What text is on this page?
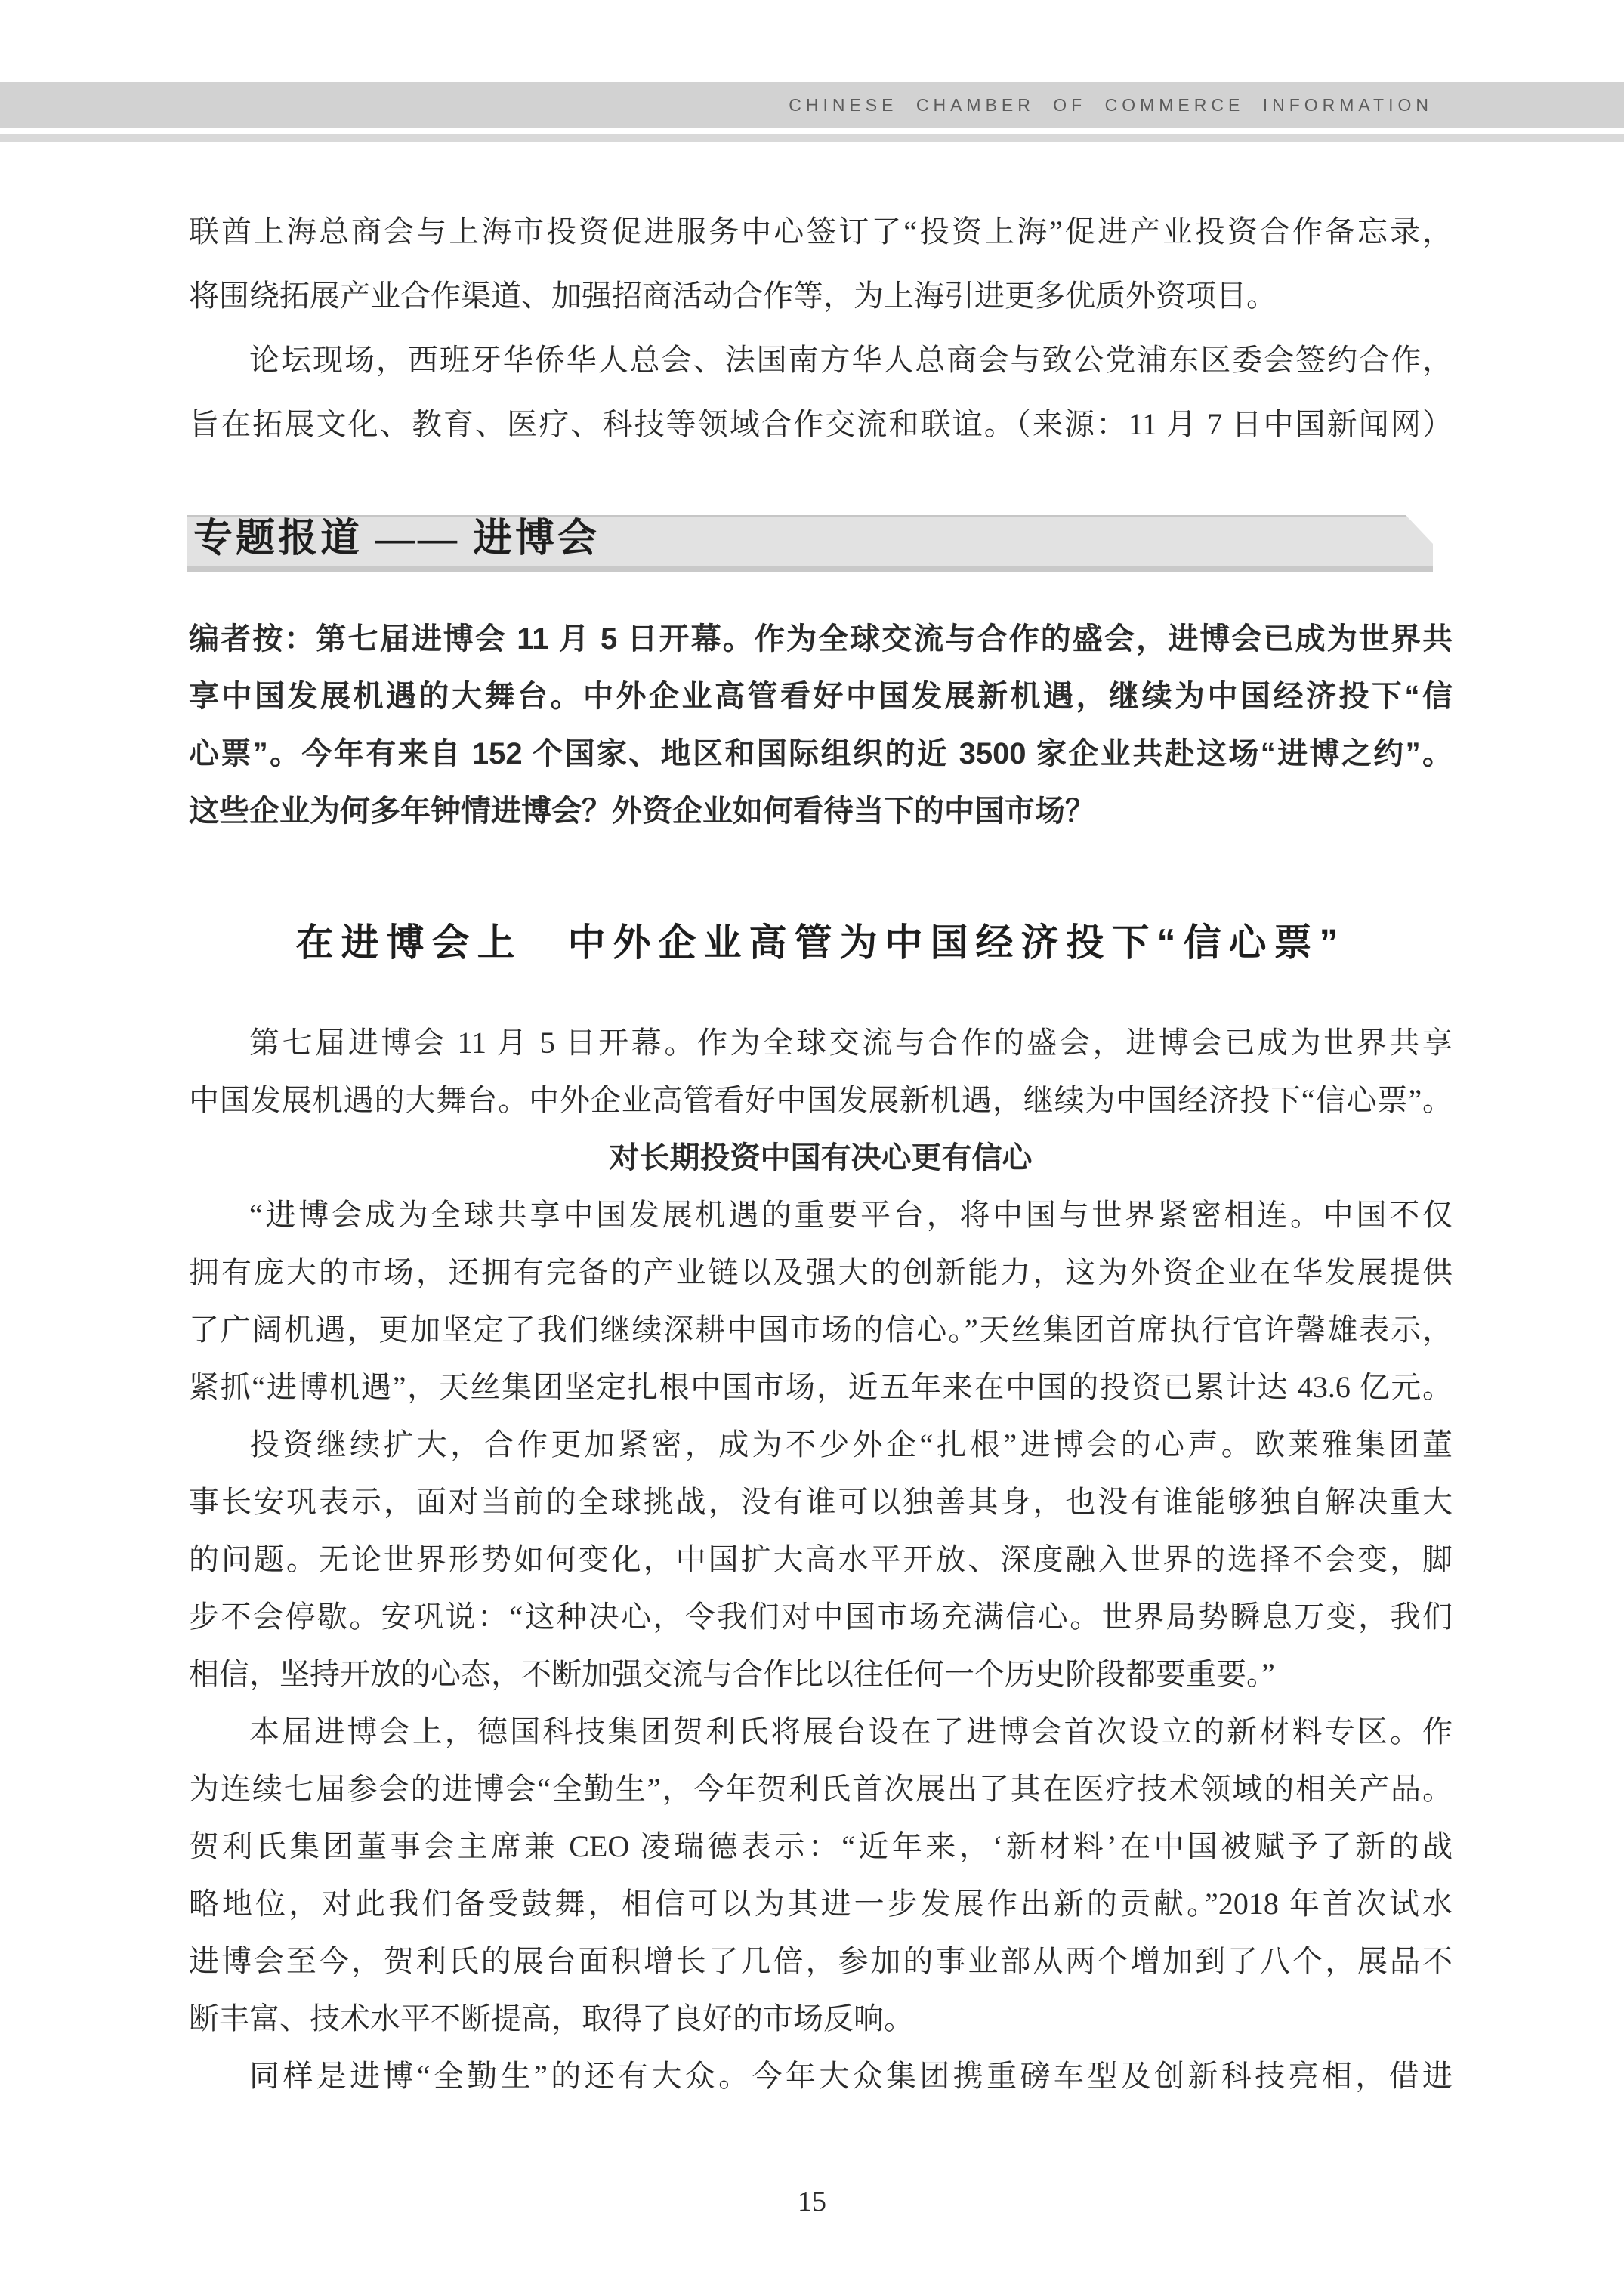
CHINESE CHAMBER OF COMMERCE INFORMATION
联酋上海总商会与上海市投资促进服务中心签订了“投资上海”促进产业投资合作备忘录，
将围绕拓展产业合作渠道、加强招商活动合作等，为上海引进更多优质外资项目。
论坛现场，西班牙华侨华人总会、法国南方华人总商会与致公党浦东区委会签约合作，
旨在拓展文化、教育、医疗、科技等领域合作交流和联谊。（来源：11 月 7 日中国新闻网）
专题报道 —— 进博会
编者按：第七届进博会 11 月 5 日开幕。作为全球交流与合作的盛会，进博会已成为世界共
享中国发展机遇的大舞台。中外企业高管看好中国发展新机遇，继续为中国经济投下“信
心票”。今年有来自 152 个国家、地区和国际组织的近 3500 家企业共赴这场“进博之约”。
这些企业为何多年钟情进博会？外资企业如何看待当下的中国市场？
在进博会上　中外企业高管为中国经济投下“信心票”
第七届进博会 11 月 5 日开幕。作为全球交流与合作的盛会，进博会已成为世界共享
中国发展机遇的大舞台。中外企业高管看好中国发展新机遇，继续为中国经济投下“信心票”。
对长期投资中国有决心更有信心
“进博会成为全球共享中国发展机遇的重要平台，将中国与世界紧密相连。中国不仅
拥有庞大的市场，还拥有完备的产业链以及强大的创新能力，这为外资企业在华发展提供
了广阔机遇，更加坚定了我们继续深耕中国市场的信心。”天丝集团首席执行官许馨雄表示，
紧抓“进博机遇”，天丝集团坚定扎根中国市场，近五年来在中国的投资已累计达 43.6 亿元。
投资继续扩大，合作更加紧密，成为不少外企“扎根”进博会的心声。欧莱雅集团董
事长安巩表示，面对当前的全球挑战，没有谁可以独善其身，也没有谁能够独自解决重大
的问题。无论世界形势如何变化，中国扩大高水平开放、深度融入世界的选择不会变，脚
步不会停歇。安巩说：“这种决心，令我们对中国市场充满信心。世界局势瞬息万变，我们
相信，坚持开放的心态，不断加强交流与合作比以往任何一个历史阶段都要重要。”
本届进博会上，德国科技集团贺利氏将展台设在了进博会首次设立的新材料专区。作
为连续七届参会的进博会“全勤生”，今年贺利氏首次展出了其在医疗技术领域的相关产品。
贺利氏集团董事会主席兼 CEO 凌瑞德表示：“近年来，‘新材料’在中国被赋予了新的战
略地位，对此我们备受鼓舞，相信可以为其进一步发展作出新的贡献。”2018 年首次试水
进博会至今，贺利氏的展台面积增长了几倍，参加的事业部从两个增加到了八个，展品不
断丰富、技术水平不断提高，取得了良好的市场反响。
同样是进博“全勤生”的还有大众。今年大众集团携重磅车型及创新科技亮相，借进
15
